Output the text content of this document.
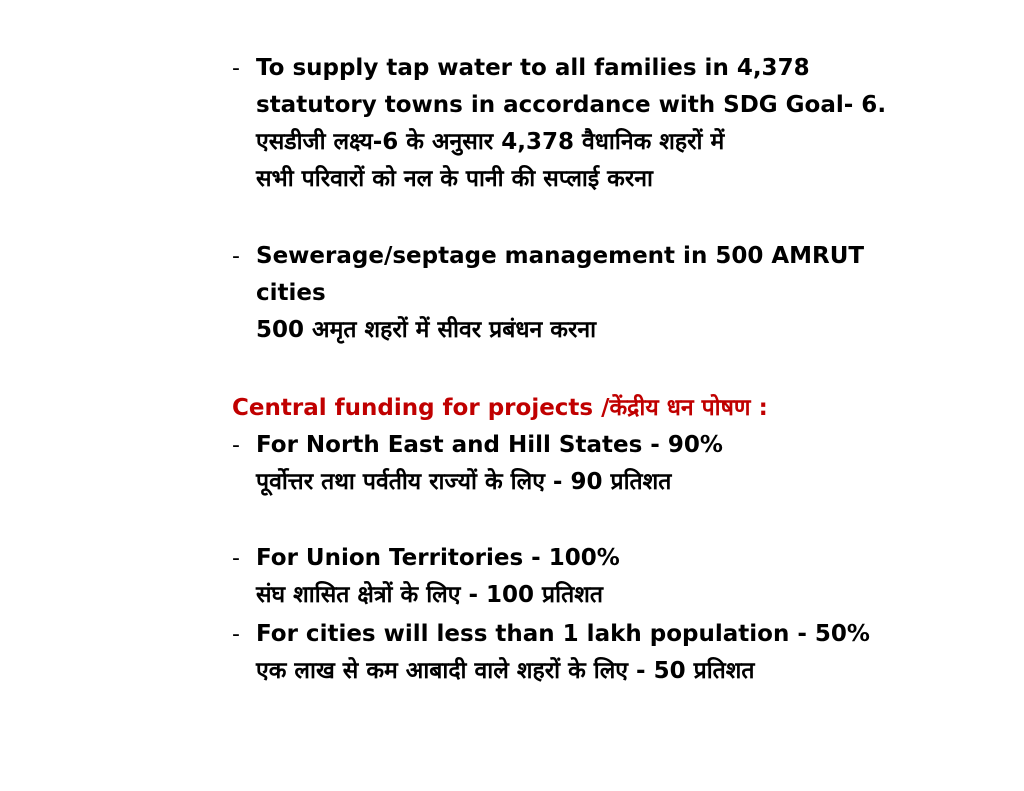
- To supply tap water to all families in 4,378
statutory towns in accordance with SDG Goal- 6.
एसडीजी लक्ष्य-6 के अनुसार 4,378 वैधानिक शहरों में
सभी परिवारों को नल के पानी की सप्लाई करना
- Sewerage/septage management in 500 AMRUT
cities
500 अमृत शहरों में सीवर प्रबंधन करना
Central funding for projects /केंद्रीय धन पोषण :
- For North East and Hill States - 90%
पूर्वोत्तर तथा पर्वतीय राज्यों के लिए - 90 प्रतिशत
- For Union Territories - 100%
संघ शासित क्षेत्रों के लिए - 100 प्रतिशत
- For cities will less than 1 lakh population - 50%
एक लाख से कम आबादी वाले शहरों के लिए - 50 प्रतिशत
